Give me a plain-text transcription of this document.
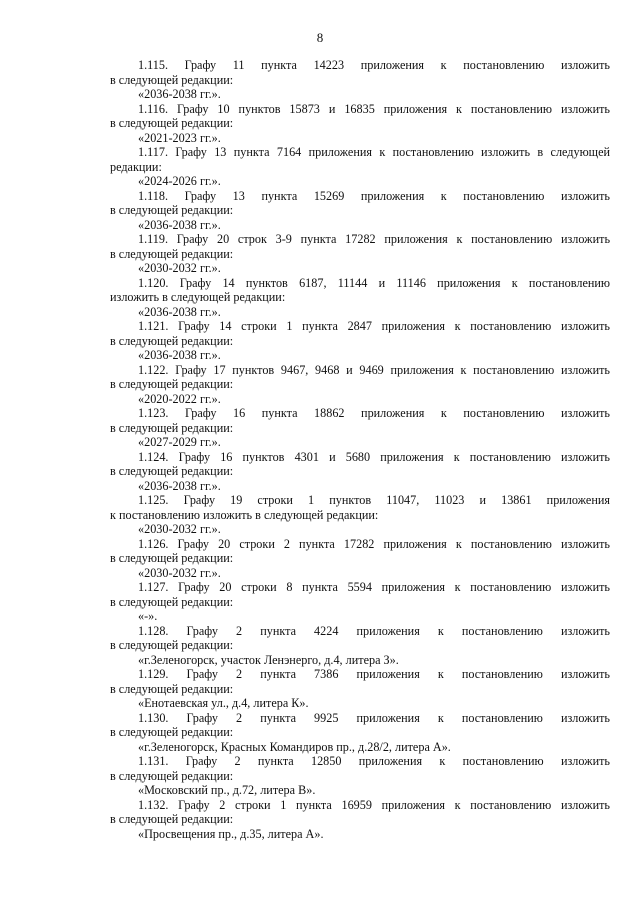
8
1.115. Графу 11 пункта 14223 приложения к постановлению изложить
в следующей редакции:
«2036-2038 гг.».
1.116. Графу 10 пунктов 15873 и 16835 приложения к постановлению изложить
в следующей редакции:
«2021-2023 гг.».
1.117. Графу 13 пункта 7164 приложения к постановлению изложить в следующей
редакции:
«2024-2026 гг.».
1.118. Графу 13 пункта 15269 приложения к постановлению изложить
в следующей редакции:
«2036-2038 гг.».
1.119. Графу 20 строк 3-9 пункта 17282 приложения к постановлению изложить
в следующей редакции:
«2030-2032 гг.».
1.120. Графу 14 пунктов 6187, 11144 и 11146 приложения к постановлению
изложить в следующей редакции:
«2036-2038 гг.».
1.121. Графу 14 строки 1 пункта 2847 приложения к постановлению изложить
в следующей редакции:
«2036-2038 гг.».
1.122. Графу 17 пунктов 9467, 9468 и 9469 приложения к постановлению изложить
в следующей редакции:
«2020-2022 гг.».
1.123. Графу 16 пункта 18862 приложения к постановлению изложить
в следующей редакции:
«2027-2029 гг.».
1.124. Графу 16 пунктов 4301 и 5680 приложения к постановлению изложить
в следующей редакции:
«2036-2038 гг.».
1.125. Графу 19 строки 1 пунктов 11047, 11023 и 13861 приложения
к постановлению изложить в следующей редакции:
«2030-2032 гг.».
1.126. Графу 20 строки 2 пункта 17282 приложения к постановлению изложить
в следующей редакции:
«2030-2032 гг.».
1.127. Графу 20 строки 8 пункта 5594 приложения к постановлению изложить
в следующей редакции:
«-».
1.128. Графу 2 пункта 4224 приложения к постановлению изложить
в следующей редакции:
«г.Зеленогорск, участок Ленэнерго, д.4, литера З».
1.129. Графу 2 пункта 7386 приложения к постановлению изложить
в следующей редакции:
«Енотаевская ул., д.4, литера К».
1.130. Графу 2 пункта 9925 приложения к постановлению изложить
в следующей редакции:
«г.Зеленогорск, Красных Командиров пр., д.28/2, литера А».
1.131. Графу 2 пункта 12850 приложения к постановлению изложить
в следующей редакции:
«Московский пр., д.72, литера В».
1.132. Графу 2 строки 1 пункта 16959 приложения к постановлению изложить
в следующей редакции:
«Просвещения пр., д.35, литера А».
